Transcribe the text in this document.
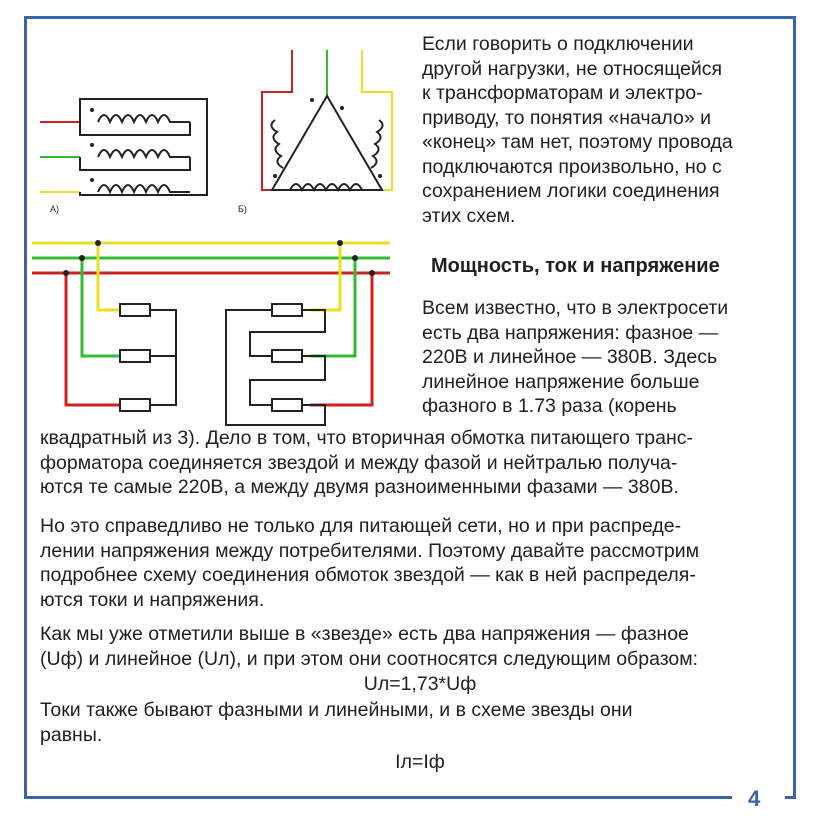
4
А)	Б)
Если говорить о подключении
другой нагрузки, не относящейся
к трансформаторам и электро-
приводу, то понятия «начало» и
«конец» там нет, поэтому провода
подключаются произвольно, но с
сохранением логики соединения
этих схем.
Мощность, ток и напряжение
Всем известно, что в электросети
есть два напряжения: фазное —
220В и линейное — 380В. Здесь
линейное напряжение больше
фазного в 1.73 раза (корень
квадратный из 3). Дело в том, что вторичная обмотка питающего транс-
форматора соединяется звездой и между фазой и нейтралью получа-
ются те самые 220В, а между двумя разноименными фазами — 380В.
Но это справедливо не только для питающей сети, но и при распреде-
лении напряжения между потребителями. Поэтому давайте рассмотрим
подробнее схему соединения обмоток звездой — как в ней распределя-
ются токи и напряжения.
Как мы уже отметили выше в «звезде» есть два напряжения — фазное
(Uф) и линейное (Uл), и при этом они соотносятся следующим образом:
Uл=1,73*Uф
Токи также бывают фазными и линейными, и в схеме звезды они
равны.
Iл=Iф
